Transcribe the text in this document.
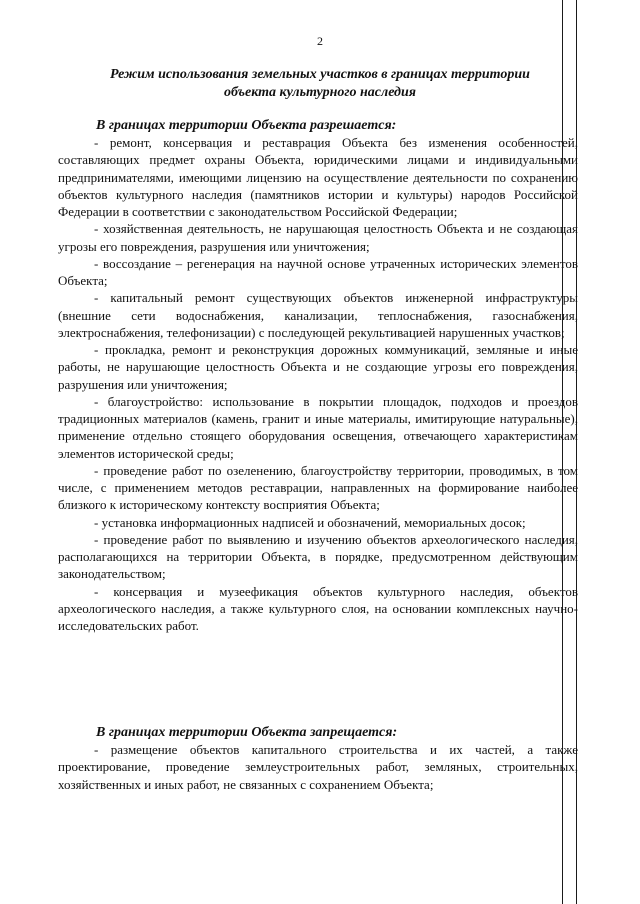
2
Режим использования земельных участков в границах территории
объекта культурного наследия
В границах территории Объекта разрешается:

- ремонт, консервация и реставрация Объекта без изменения особенностей, составляющих предмет охраны Объекта, юридическими лицами и индивидуальными предпринимателями, имеющими лицензию на осуществление деятельности по сохранению объектов культурного наследия (памятников истории и культуры) народов Российской Федерации в соответствии с законодательством Российской Федерации;

- хозяйственная деятельность, не нарушающая целостность Объекта и не создающая угрозы его повреждения, разрушения или уничтожения;

- воссоздание – регенерация на научной основе утраченных исторических элементов Объекта;

- капитальный ремонт существующих объектов инженерной инфраструктуры (внешние сети водоснабжения, канализации, теплоснабжения, газоснабжения, электроснабжения, телефонизации) с последующей рекультивацией нарушенных участков;

- прокладка, ремонт и реконструкция дорожных коммуникаций, земляные и иные работы, не нарушающие целостность Объекта и не создающие угрозы его повреждения, разрушения или уничтожения;

- благоустройство: использование в покрытии площадок, подходов и проездов традиционных материалов (камень, гранит и иные материалы, имитирующие натуральные), применение отдельно стоящего оборудования освещения, отвечающего характеристикам элементов исторической среды;

- проведение работ по озеленению, благоустройству территории, проводимых, в том числе, с применением методов реставрации, направленных на формирование наиболее близкого к историческому контексту восприятия Объекта;

- установка информационных надписей и обозначений, мемориальных досок;

- проведение работ по выявлению и изучению объектов археологического наследия, располагающихся на территории Объекта, в порядке, предусмотренном действующим законодательством;

- консервация и музеефикация объектов культурного наследия, объектов археологического наследия, а также культурного слоя, на основании комплексных научно-исследовательских работ.

В границах территории Объекта запрещается:

- размещение объектов капитального строительства и их частей, а также проектирование, проведение землеустроительных работ, земляных, строительных, хозяйственных и иных работ, не связанных с сохранением Объекта;
